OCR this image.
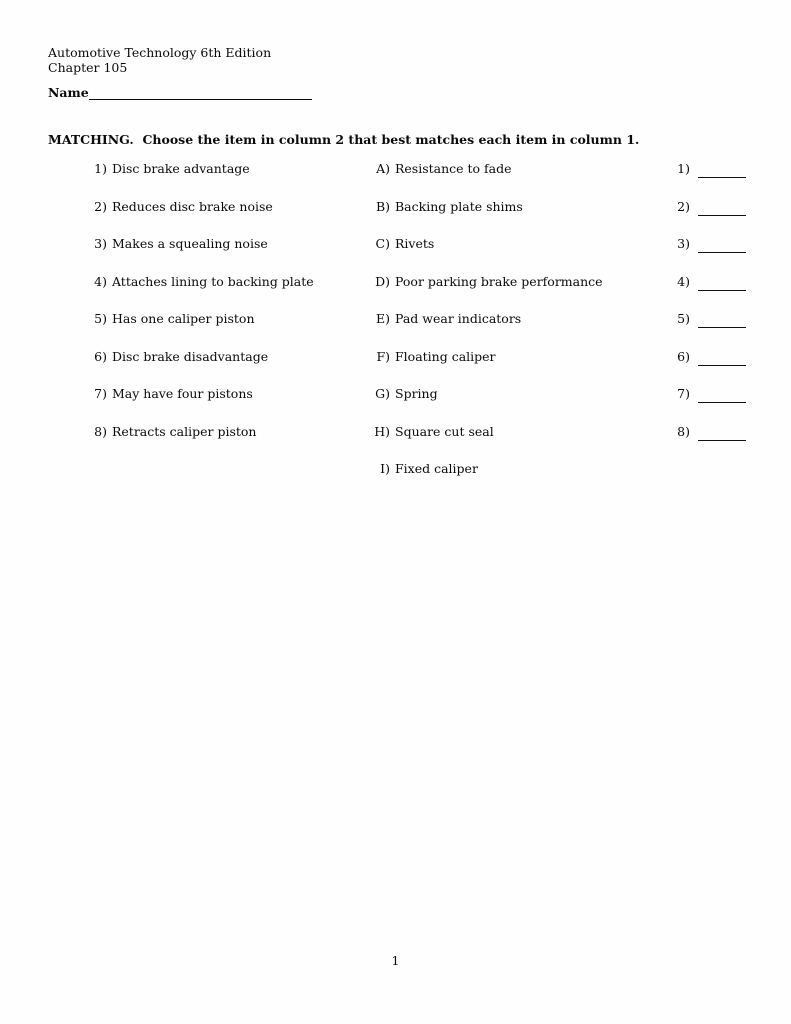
Automotive Technology 6th Edition
Chapter 105
Name
MATCHING.  Choose the item in column 2 that best matches each item in column 1.
1) Disc brake advantage	A) Resistance to fade	1)
2) Reduces disc brake noise	B) Backing plate shims	2)
3) Makes a squealing noise	C) Rivets	3)
4) Attaches lining to backing plate	D) Poor parking brake performance	4)
5) Has one caliper piston	E) Pad wear indicators	5)
6) Disc brake disadvantage	F) Floating caliper	6)
7) May have four pistons	G) Spring	7)
8) Retracts caliper piston	H) Square cut seal	8)
I) Fixed caliper
1
